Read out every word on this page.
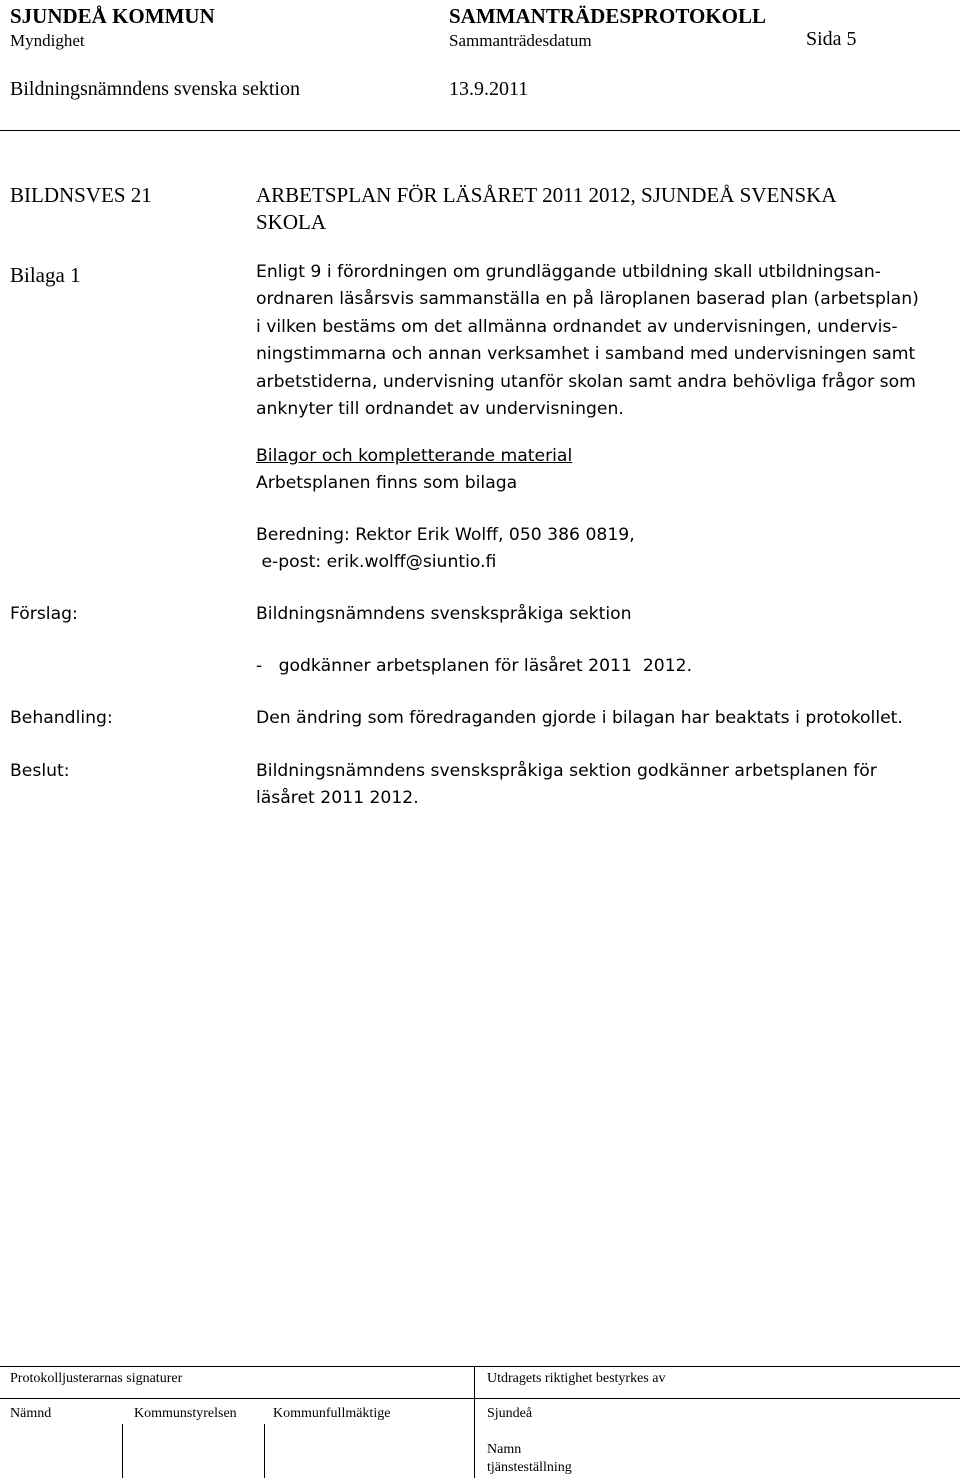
SJUNDEÅ KOMMUN	SAMMANTRÄDESPROTOKOLL
Myndighet	Sammanträdesdatum	Sida 5
Bildningsnämndens svenska sektion	13.9.2011
BILDNSVES 21	ARBETSPLAN FÖR LÄSÅRET 2011 2012, SJUNDEÅ SVENSKA
SKOLA
Bilaga 1	Enligt 9 i förordningen om grundläggande utbildning skall utbildningsan-
ordnaren läsårsvis sammanställa en på läroplanen baserad plan (arbetsplan)
i vilken bestäms om det allmänna ordnandet av undervisningen, undervis-
ningstimmarna och annan verksamhet i samband med undervisningen samt
arbetstiderna, undervisning utanför skolan samt andra behövliga frågor som
anknyter till ordnandet av undervisningen.
Bilagor och kompletterande material
Arbetsplanen finns som bilaga
Beredning: Rektor Erik Wolff, 050 386 0819,
e-post: erik.wolff@siuntio.fi
Förslag:	Bildningsnämndens svenskspråkiga sektion
-   godkänner arbetsplanen för läsåret 2011  2012.
Behandling:	Den ändring som föredraganden gjorde i bilagan har beaktats i protokollet.
Beslut:	Bildningsnämndens svenskspråkiga sektion godkänner arbetsplanen för
läsåret 2011 2012.
Protokolljusterarnas signaturer	Utdragets riktighet bestyrkes av
Nämnd	Kommunstyrelsen	Kommunfullmäktige	Sjundeå
Namn
tjänsteställning
